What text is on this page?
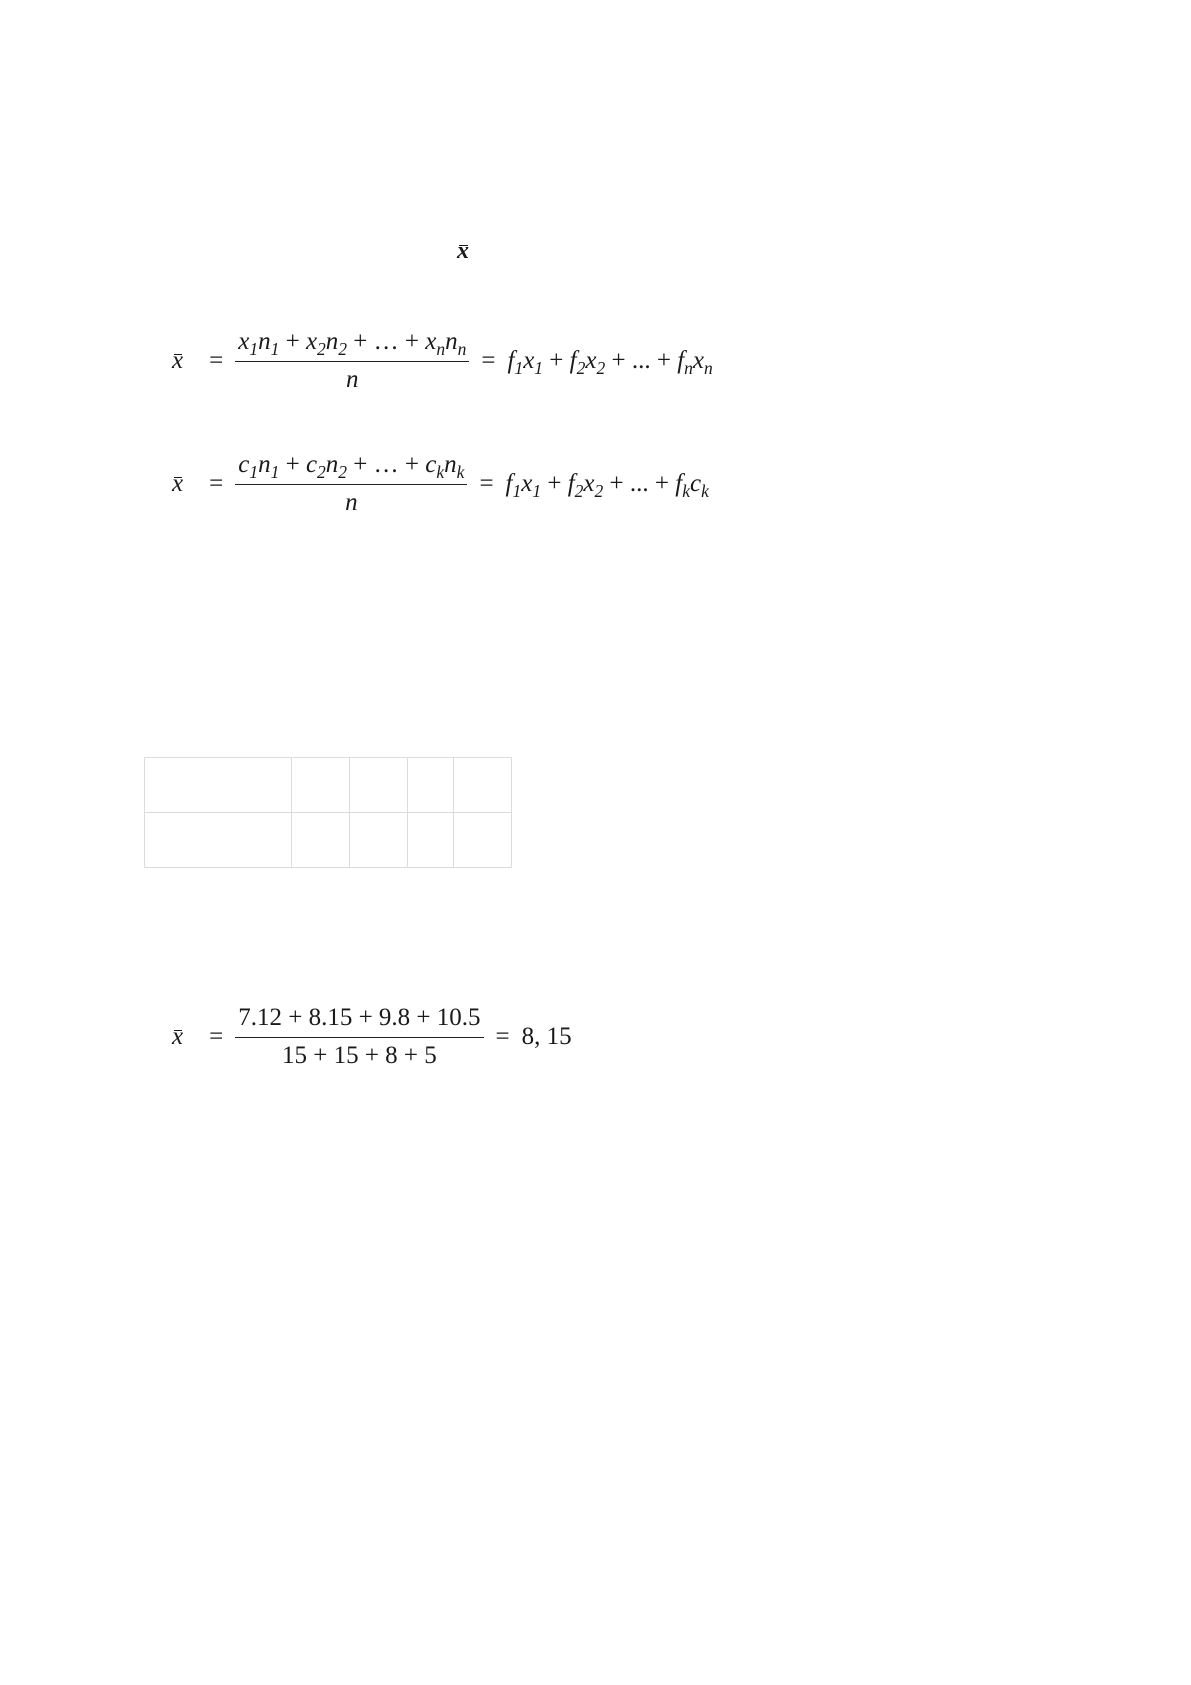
x
$x = \frac{x_1n_1 + x_2n_2 + \dots + x_nn_n}{n} = f_1x_1 + f_2x_2$ + ... + $f_nx_n$
$x = \frac{c_1n_1 + c_2n_2 + \dots + c_kn_k}{n} = f_1x_1 + f_2x_2$ + ... + $f_kc_k$

$x = \frac{7.12 + 8.15 + 9.8 + 10.5}{15 + 15 + 8 + 5} = 8$, 15
